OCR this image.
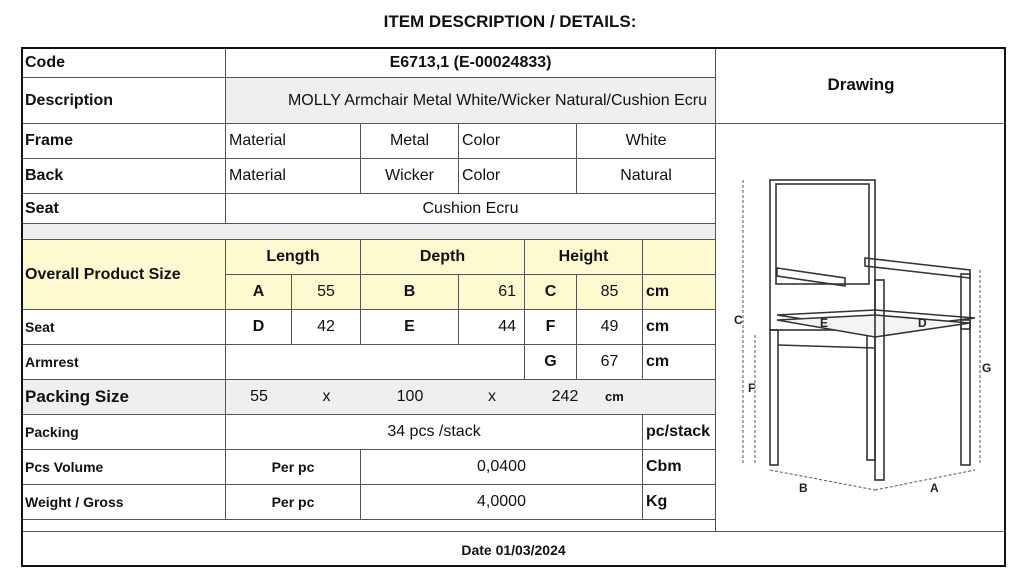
ITEM DESCRIPTION / DETAILS:
Code	E6713,1 (E-00024833)						
Description	MOLLY Armchair Metal White/Wicker Natural/Cushion Ecru						
Frame	Material		Metal	Color		White	
Back	Material		Wicker	Color		Natural	
Seat	Cushion Ecru						

Overall Product Size	Length		Depth		Height		
	A	55	B	61	C	85	cm
Seat	D	42	E	44	F	49	cm
Armrest					G	67	cm
Packing Size	55 x 100 x 242 cm						
Packing	34 pcs /stack						pc/stack
Pcs Volume	Per pc		0,0400				Cbm
Weight / Gross	Per pc		4,0000				Kg
Drawing
C
F
E	D
G
B	A
Date 01/03/2024
